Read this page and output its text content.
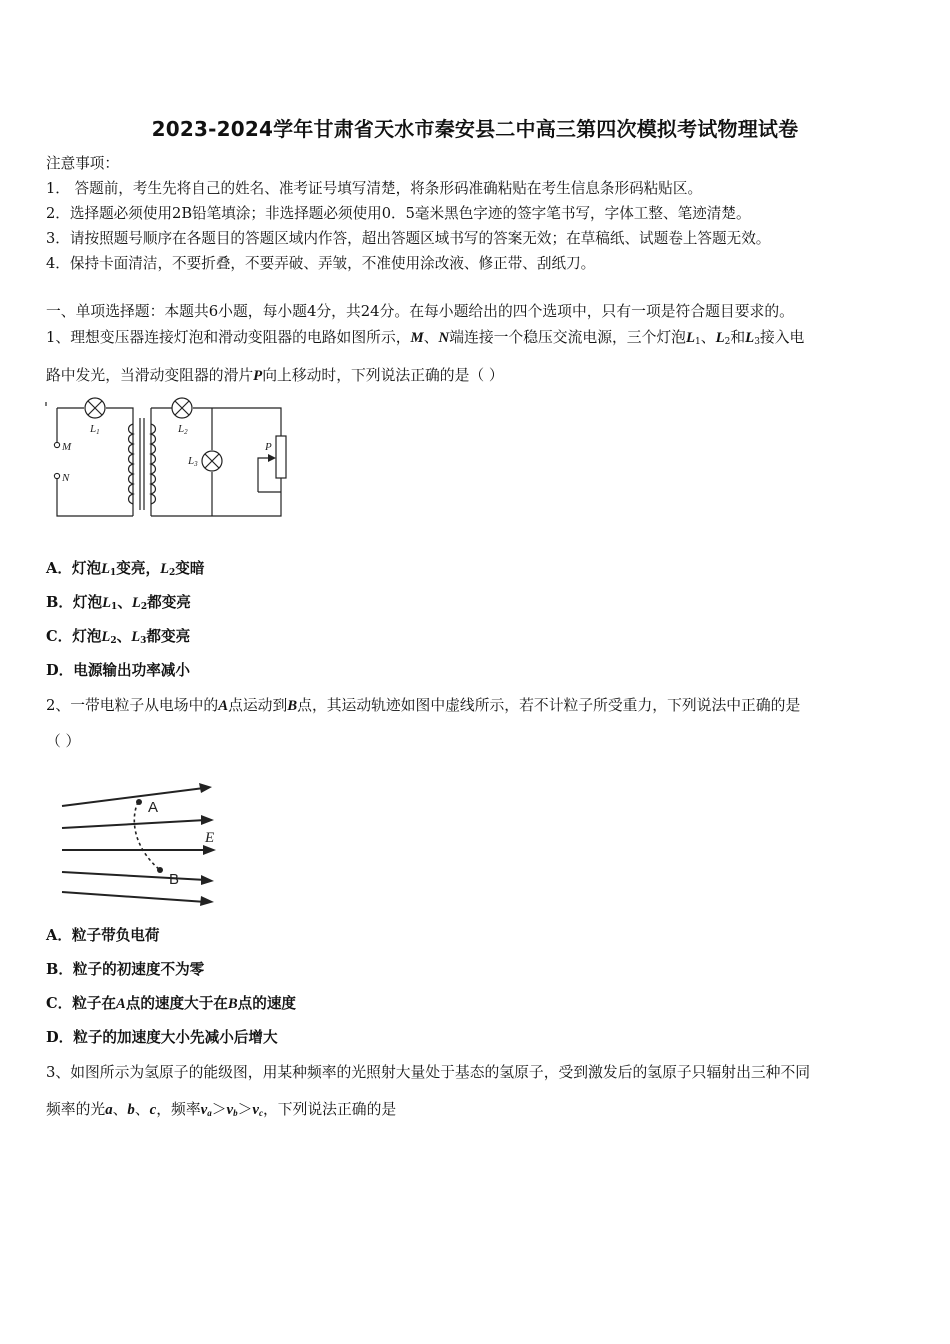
2023-2024学年甘肃省天水市秦安县二中高三第四次模拟考试物理试卷
注意事项：
1． 答题前，考生先将自己的姓名、准考证号填写清楚，将条形码准确粘贴在考生信息条形码粘贴区。
2．选择题必须使用2B铅笔填涂；非选择题必须使用0．5毫米黑色字迹的签字笔书写，字体工整、笔迹清楚。
3．请按照题号顺序在各题目的答题区域内作答，超出答题区域书写的答案无效；在草稿纸、试题卷上答题无效。
4．保持卡面清洁，不要折叠，不要弄破、弄皱，不准使用涂改液、修正带、刮纸刀。
一、单项选择题：本题共6小题，每小题4分，共24分。在每小题给出的四个选项中，只有一项是符合题目要求的。
1、理想变压器连接灯泡和滑动变阻器的电路如图所示，M、N端连接一个稳压交流电源，三个灯泡$L_1$、$L_2$和$L_3$接入电
路中发光，当滑动变阻器的滑片P向上移动时，下列说法正确的是（ ）
L1	L2
L3
M
N
P
A．灯泡$L_1$变亮，$L_2$变暗
B．灯泡$L_1$、$L_2$都变亮
C．灯泡$L_2$、$L_3$都变亮
D．电源输出功率减小
2、一带电粒子从电场中的A点运动到B点，其运动轨迹如图中虚线所示，若不计粒子所受重力，下列说法中正确的是
（ ）
A
B
E
A．粒子带负电荷
B．粒子的初速度不为零
C．粒子在A点的速度大于在B点的速度
D．粒子的加速度大小先减小后增大
3、如图所示为氢原子的能级图，用某种频率的光照射大量处于基态的氢原子，受到激发后的氢原子只辐射出三种不同
频率的光a、b、c，频率$v_a>v_b>v_c$，下列说法正确的是
